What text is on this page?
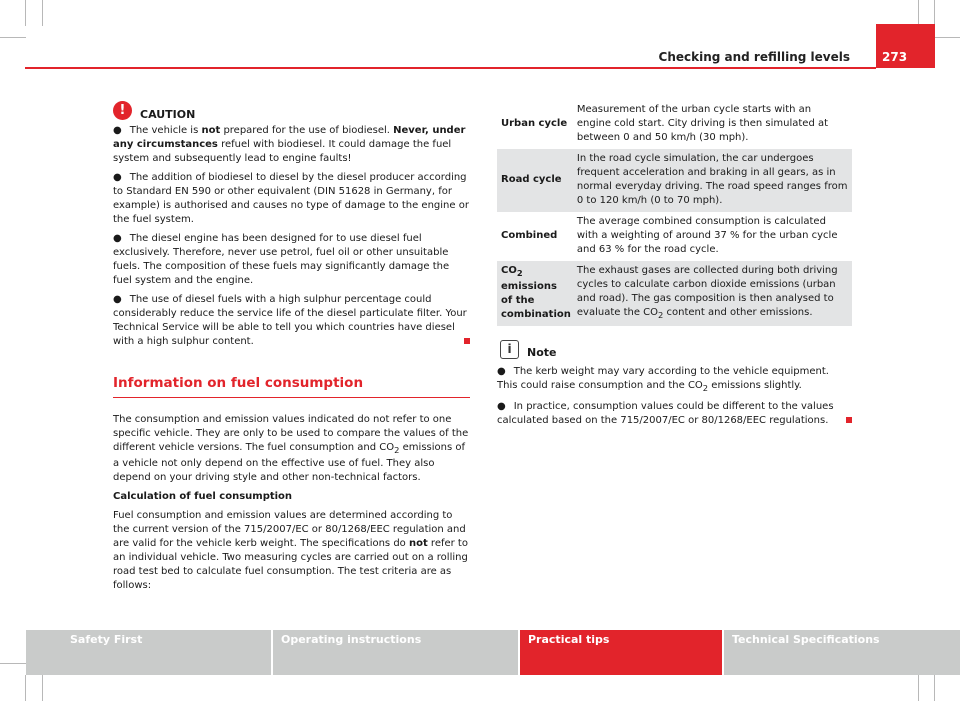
Checking and refilling levels	273
!	CAUTION

● The vehicle is not prepared for the use of biodiesel. Never, under any circumstances refuel with biodiesel. It could damage the fuel system and subsequently lead to engine faults!

● The addition of biodiesel to diesel by the diesel producer according to Standard EN 590 or other equivalent (DIN 51628 in Germany, for example) is authorised and causes no type of damage to the engine or the fuel system.

● The diesel engine has been designed for to use diesel fuel exclusively. Therefore, never use petrol, fuel oil or other unsuitable fuels. The composition of these fuels may significantly damage the fuel system and the engine.

● The use of diesel fuels with a high sulphur percentage could considerably reduce the service life of the diesel particulate filter. Your Technical Service will be able to tell you which countries have diesel with a high sulphur content.

Information on fuel consumption

The consumption and emission values indicated do not refer to one specific vehicle. They are only to be used to compare the values of the different vehicle versions. The fuel consumption and $CO_2$ emissions of a vehicle not only depend on the effective use of fuel. They also depend on your driving style and other non-technical factors.

Calculation of fuel consumption

Fuel consumption and emission values are determined according to the current version of the 715/2007/EC or 80/1268/EEC regulation and are valid for the vehicle kerb weight. The specifications do not refer to an individual vehicle. Two measuring cycles are carried out on a rolling road test bed to calculate fuel consumption. The test criteria are as follows:

Urban cycle	Measurement of the urban cycle starts with an engine cold start. City driving is then simulated at between 0 and 50 km/h (30 mph).
Road cycle	In the road cycle simulation, the car undergoes frequent acceleration and braking in all gears, as in normal everyday driving. The road speed ranges from 0 to 120 km/h (0 to 70 mph).
Combined	The average combined consumption is calculated with a weighting of around 37 % for the urban cycle and 63 % for the road cycle.
$CO_2$ emissions of the combination	The exhaust gases are collected during both driving cycles to calculate carbon dioxide emissions (urban and road). The gas composition is then analysed to evaluate the $CO_2$ content and other emissions.
i	Note

● The kerb weight may vary according to the vehicle equipment. This could raise consumption and the $CO_2$ emissions slightly.

● In practice, consumption values could be different to the values calculated based on the 715/2007/EC or 80/1268/EEC regulations.

Safety First	Operating instructions	Practical tips	Technical Specifications
